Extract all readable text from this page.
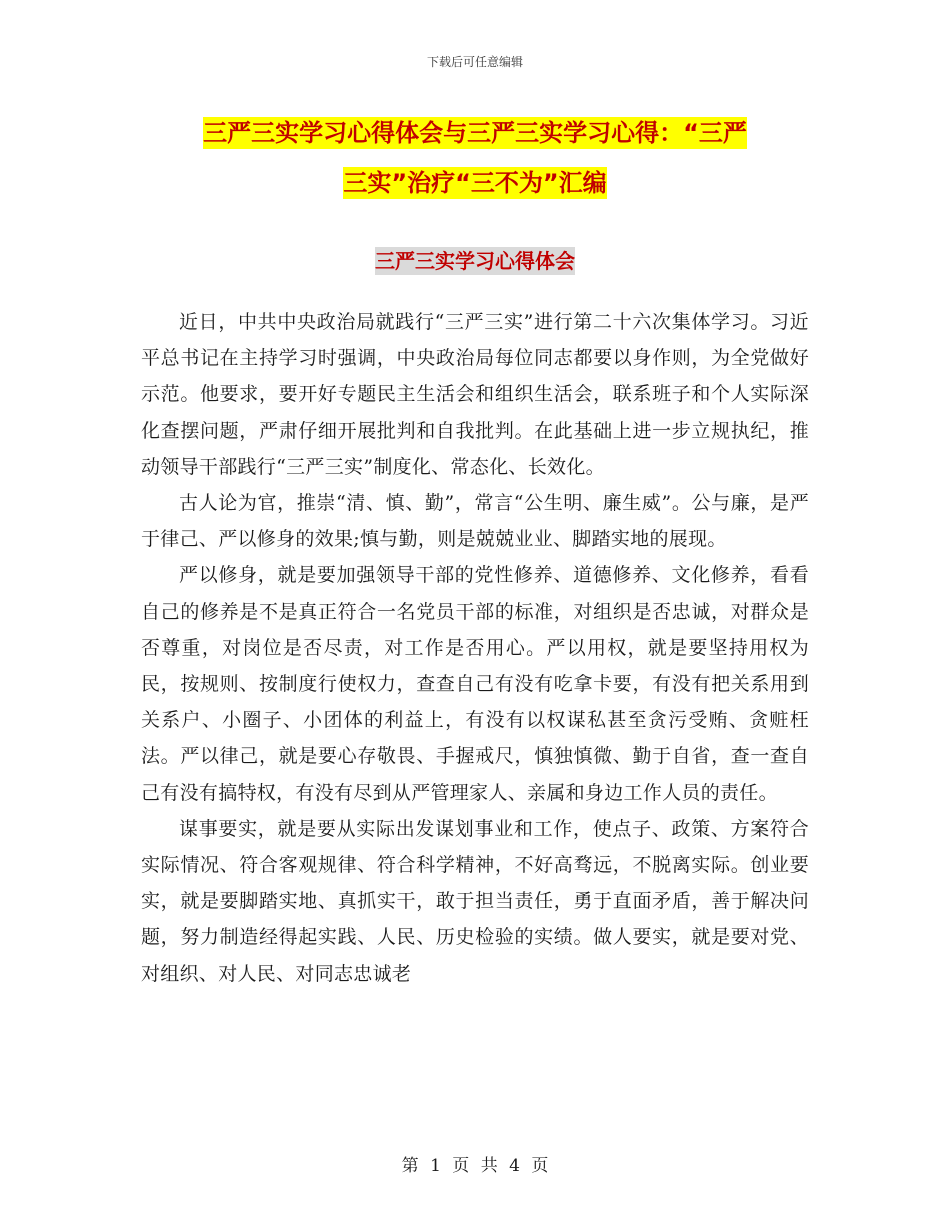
下载后可任意编辑
三严三实学习心得体会与三严三实学习心得：“三严
三实”治疗“三不为”汇编
三严三实学习心得体会

近日，中共中央政治局就践行“三严三实”进行第二十六次集体学习。习近平总书记在主持学习时强调，中央政治局每位同志都要以身作则，为全党做好示范。他要求，要开好专题民主生活会和组织生活会，联系班子和个人实际深化查摆问题，严肃仔细开展批判和自我批判。在此基础上进一步立规执纪，推动领导干部践行“三严三实”制度化、常态化、长效化。

古人论为官，推崇“清、慎、勤”，常言“公生明、廉生威”。公与廉，是严于律己、严以修身的效果;慎与勤，则是兢兢业业、脚踏实地的展现。

严以修身，就是要加强领导干部的党性修养、道德修养、文化修养，看看自己的修养是不是真正符合一名党员干部的标准，对组织是否忠诚，对群众是否尊重，对岗位是否尽责，对工作是否用心。严以用权，就是要坚持用权为民，按规则、按制度行使权力，查查自己有没有吃拿卡要，有没有把关系用到关系户、小圈子、小团体的利益上，有没有以权谋私甚至贪污受贿、贪赃枉法。严以律己，就是要心存敬畏、手握戒尺，慎独慎微、勤于自省，查一查自己有没有搞特权，有没有尽到从严管理家人、亲属和身边工作人员的责任。

谋事要实，就是要从实际出发谋划事业和工作，使点子、政策、方案符合实际情况、符合客观规律、符合科学精神，不好高骛远，不脱离实际。创业要实，就是要脚踏实地、真抓实干，敢于担当责任，勇于直面矛盾，善于解决问题，努力制造经得起实践、人民、历史检验的实绩。做人要实，就是要对党、对组织、对人民、对同志忠诚老

第 1 页 共 4 页
